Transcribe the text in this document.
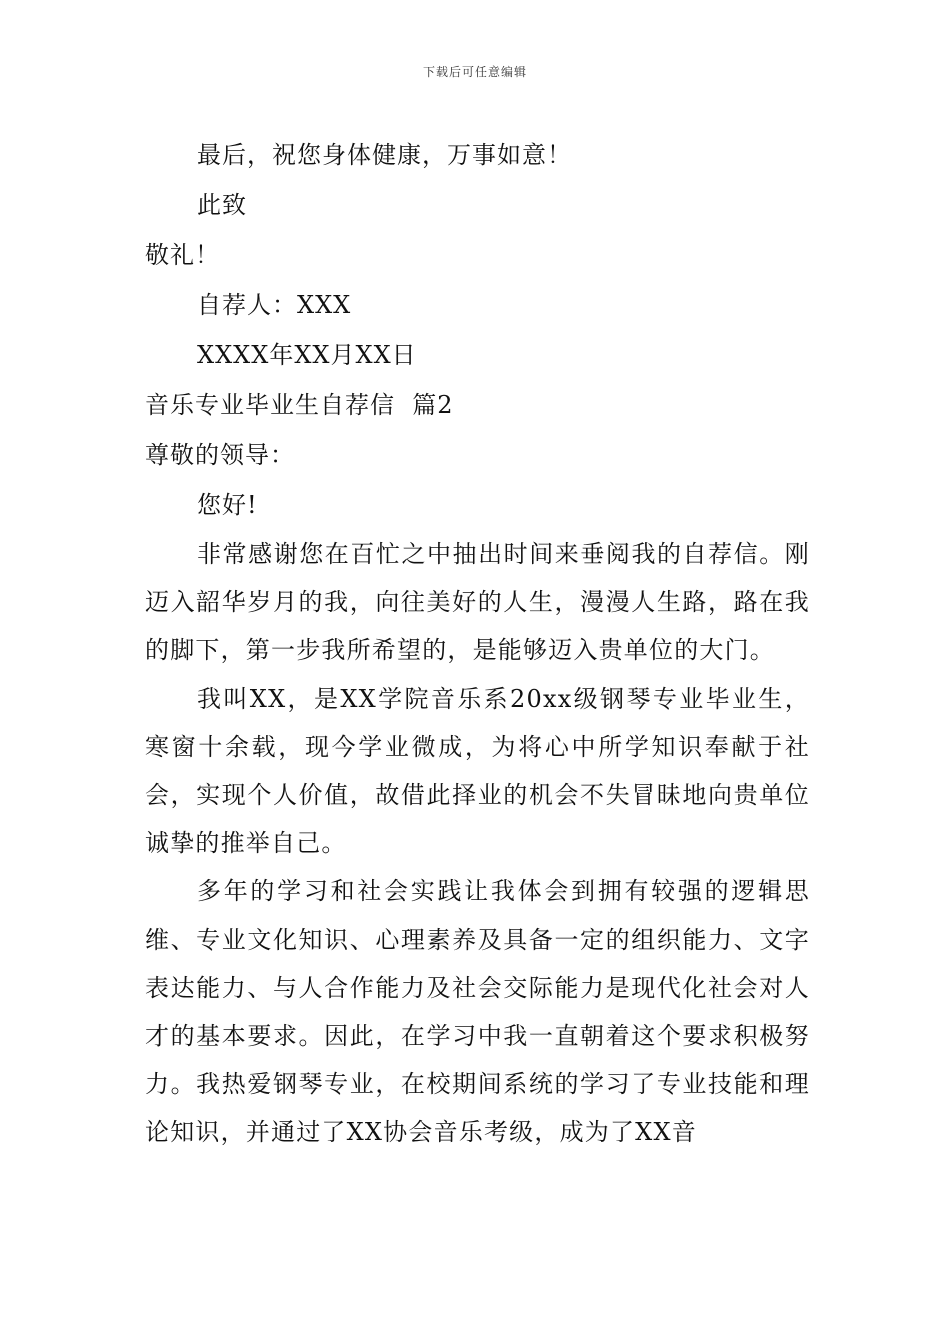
下载后可任意编辑
最后，祝您身体健康，万事如意！
此致
敬礼！
自荐人：XXX
XXXX年XX月XX日
音乐专业毕业生自荐信  篇2
尊敬的领导：
您好!

非常感谢您在百忙之中抽出时间来垂阅我的自荐信。刚迈入韶华岁月的我，向往美好的人生，漫漫人生路，路在我的脚下，第一步我所希望的，是能够迈入贵单位的大门。

我叫XX，是XX学院音乐系20xx级钢琴专业毕业生，寒窗十余载，现今学业微成，为将心中所学知识奉献于社会，实现个人价值，故借此择业的机会不失冒昧地向贵单位诚挚的推举自己。

多年的学习和社会实践让我体会到拥有较强的逻辑思维、专业文化知识、心理素养及具备一定的组织能力、文字表达能力、与人合作能力及社会交际能力是现代化社会对人才的基本要求。因此，在学习中我一直朝着这个要求积极努力。我热爱钢琴专业，在校期间系统的学习了专业技能和理论知识，并通过了XX协会音乐考级，成为了XX音
